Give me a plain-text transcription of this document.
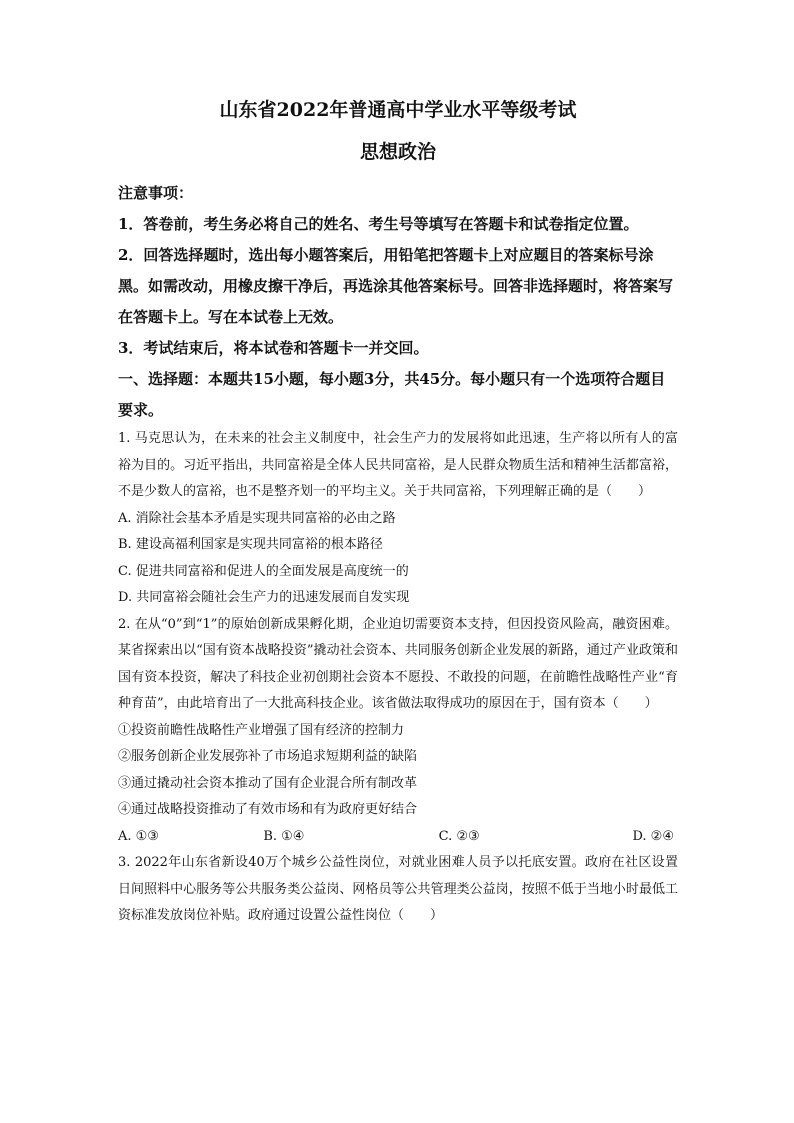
山东省2022年普通高中学业水平等级考试
思想政治

注意事项：

1．答卷前，考生务必将自己的姓名、考生号等填写在答题卡和试卷指定位置。

2．回答选择题时，选出每小题答案后，用铅笔把答题卡上对应题目的答案标号涂黑。如需改动，用橡皮擦干净后，再选涂其他答案标号。回答非选择题时，将答案写在答题卡上。写在本试卷上无效。

3．考试结束后，将本试卷和答题卡一并交回。

一、选择题：本题共15小题，每小题3分，共45分。每小题只有一个选项符合题目要求。

1. 马克思认为，在未来的社会主义制度中，社会生产力的发展将如此迅速，生产将以所有人的富裕为目的。习近平指出，共同富裕是全体人民共同富裕，是人民群众物质生活和精神生活都富裕，不是少数人的富裕，也不是整齐划一的平均主义。关于共同富裕，下列理解正确的是（　　）

A. 消除社会基本矛盾是实现共同富裕的必由之路

B. 建设高福利国家是实现共同富裕的根本路径

C. 促进共同富裕和促进人的全面发展是高度统一的

D. 共同富裕会随社会生产力的迅速发展而自发实现

2. 在从“0”到“1”的原始创新成果孵化期，企业迫切需要资本支持，但因投资风险高，融资困难。某省探索出以“国有资本战略投资”撬动社会资本、共同服务创新企业发展的新路，通过产业政策和国有资本投资，解决了科技企业初创期社会资本不愿投、不敢投的问题，在前瞻性战略性产业“育种育苗”，由此培育出了一大批高科技企业。该省做法取得成功的原因在于，国有资本（　　）

①投资前瞻性战略性产业增强了国有经济的控制力

②服务创新企业发展弥补了市场追求短期利益的缺陷

③通过撬动社会资本推动了国有企业混合所有制改革

④通过战略投资推动了有效市场和有为政府更好结合

A. ①③	B. ①④	C. ②③	D. ②④

3. 2022年山东省新设40万个城乡公益性岗位，对就业困难人员予以托底安置。政府在社区设置日间照料中心服务等公共服务类公益岗、网格员等公共管理类公益岗，按照不低于当地小时最低工资标准发放岗位补贴。政府通过设置公益性岗位（　　）
